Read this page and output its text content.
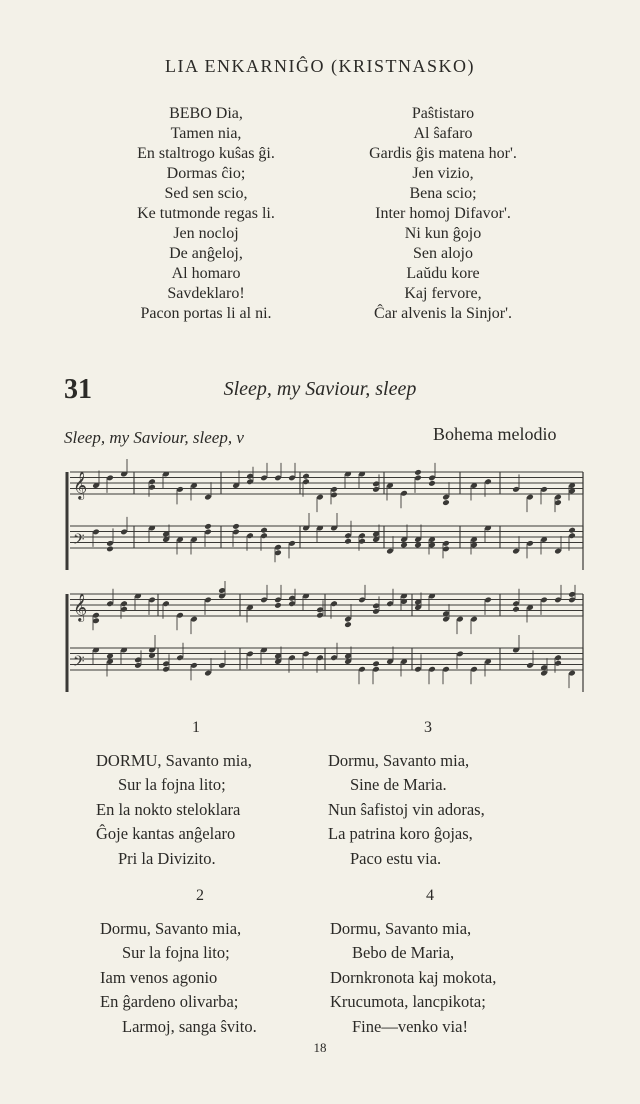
LIA ENKARNIĜO (KRISTNASKO)
BEBO Dia,
Tamen nia,
En staltrogo kuŝas ĝi.
Dormas ĉio;
Sed sen scio,
Ke tutmonde regas li.
Jen nocloj
De anĝeloj,
Al homaro
Savdeklaro!
Pacon portas li al ni.
Paŝtistaro
Al ŝafaro
Gardis ĝis matena hor'.
Jen vizio,
Bena scio;
Inter homoj Difavor'.
Ni kun ĝojo
Sen alojo
Laŭdu kore
Kaj fervore,
Ĉar alvenis la Sinjor'.
31	Sleep, my Saviour, sleep
Sleep, my Saviour, sleep, v	Bohema melodio
𝄞
𝄢
𝄞
𝄢
1
DORMU, Savanto mia,
Sur la fojna lito;
En la nokto steloklara
Ĝoje kantas anĝelaro
Pri la Divizito.
3
Dormu, Savanto mia,
Sine de Maria.
Nun ŝafistoj vin adoras,
La patrina koro ĝojas,
Paco estu via.
2
Dormu, Savanto mia,
Sur la fojna lito;
Iam venos agonio
En ĝardeno olivarba;
Larmoj, sanga ŝvito.
4
Dormu, Savanto mia,
Bebo de Maria,
Dornkronota kaj mokota,
Krucumota, lancpikota;
Fine—venko via!
18
